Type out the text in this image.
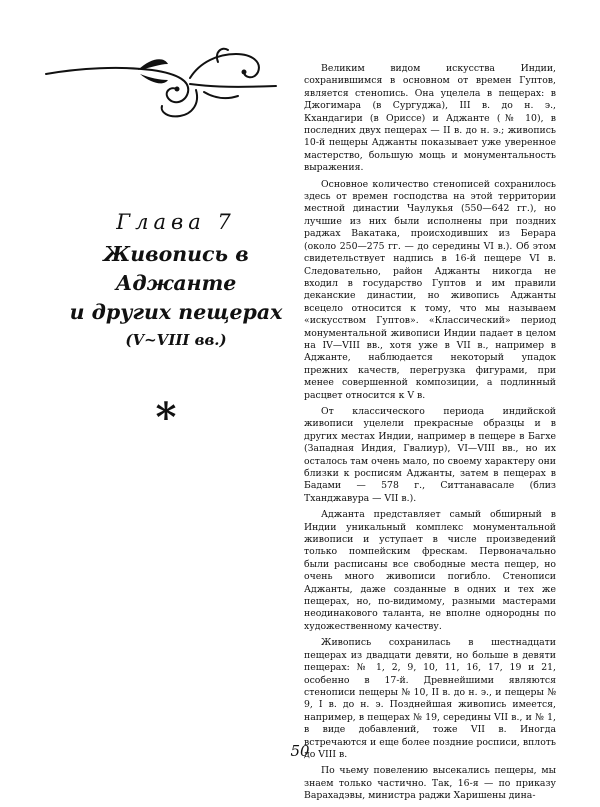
Глава 7
Живопись в Аджанте
и других пещерах
(V~VIII вв.)
*

Великим видом искусства Индии, сохранившимся в основном от времен Гуптов, является стенопись. Она уцелела в пещерах: в Джогимара (в Сургуджа), III в. до н. э., Кхандагири (в Ориссе) и Аджанте (№ 10), в последних двух пещерах — II в. до н. э.; живопись 10-й пещеры Аджанты показывает уже уверенное мастерство, большую мощь и монументальность выражения.

Основное количество стенописей сохранилось здесь от времен господства на этой территории местной династии Чаулукья (550—642 гг.), но лучшие из них были исполнены при поздних раджах Вакатака, происходивших из Берара (около 250—275 гг. — до середины VI в.). Об этом свидетельствует надпись в 16-й пещере VI в. Следовательно, район Аджанты никогда не входил в государство Гуптов и им правили деканские династии, но живопись Аджанты всецело относится к тому, что мы называем «искусством Гуптов». «Классический» период монументальной живописи Индии падает в целом на IV—VIII вв., хотя уже в VII в., например в Аджанте, наблюдается некоторый упадок прежних качеств, перегрузка фигурами, при менее совершенной композиции, а подлинный расцвет относится к V в.

От классического периода индийской живописи уцелели прекрасные образцы и в других местах Индии, например в пещере в Багхе (Западная Индия, Гвалиур), VI—VIII вв., но их осталось там очень мало, по своему характеру они близки к росписям Аджанты, затем в пещерах в Бадами — 578 г., Ситтанавасале (близ Тханджавура — VII в.).

Аджанта представляет самый обширный в Индии уникальный комплекс монументальной живописи и уступает в числе произведений только помпейским фрескам. Первоначально были расписаны все свободные места пещер, но очень много живописи погибло. Стенописи Аджанты, даже созданные в одних и тех же пещерах, но, по-видимому, разными мастерами неодинакового таланта, не вполне однородны по художественному качеству.

Живопись сохранилась в шестнадцати пещерах из двадцати девяти, но больше в девяти пещерах: № 1, 2, 9, 10, 11, 16, 17, 19 и 21, особенно в 17-й. Древнейшими являются стенописи пещеры № 10, II в. до н. э., и пещеры № 9, I в. до н. э. Позднейшая живопись имеется, например, в пещерах № 19, середины VII в., и № 1, в виде добавлений, тоже VII в. Иногда встречаются и еще более поздние росписи, вплоть до VIII в.

По чьему повелению высекались пещеры, мы знаем только частично. Так, 16-я — по приказу Варахадэвы, министра раджи Харишены дина-

50
